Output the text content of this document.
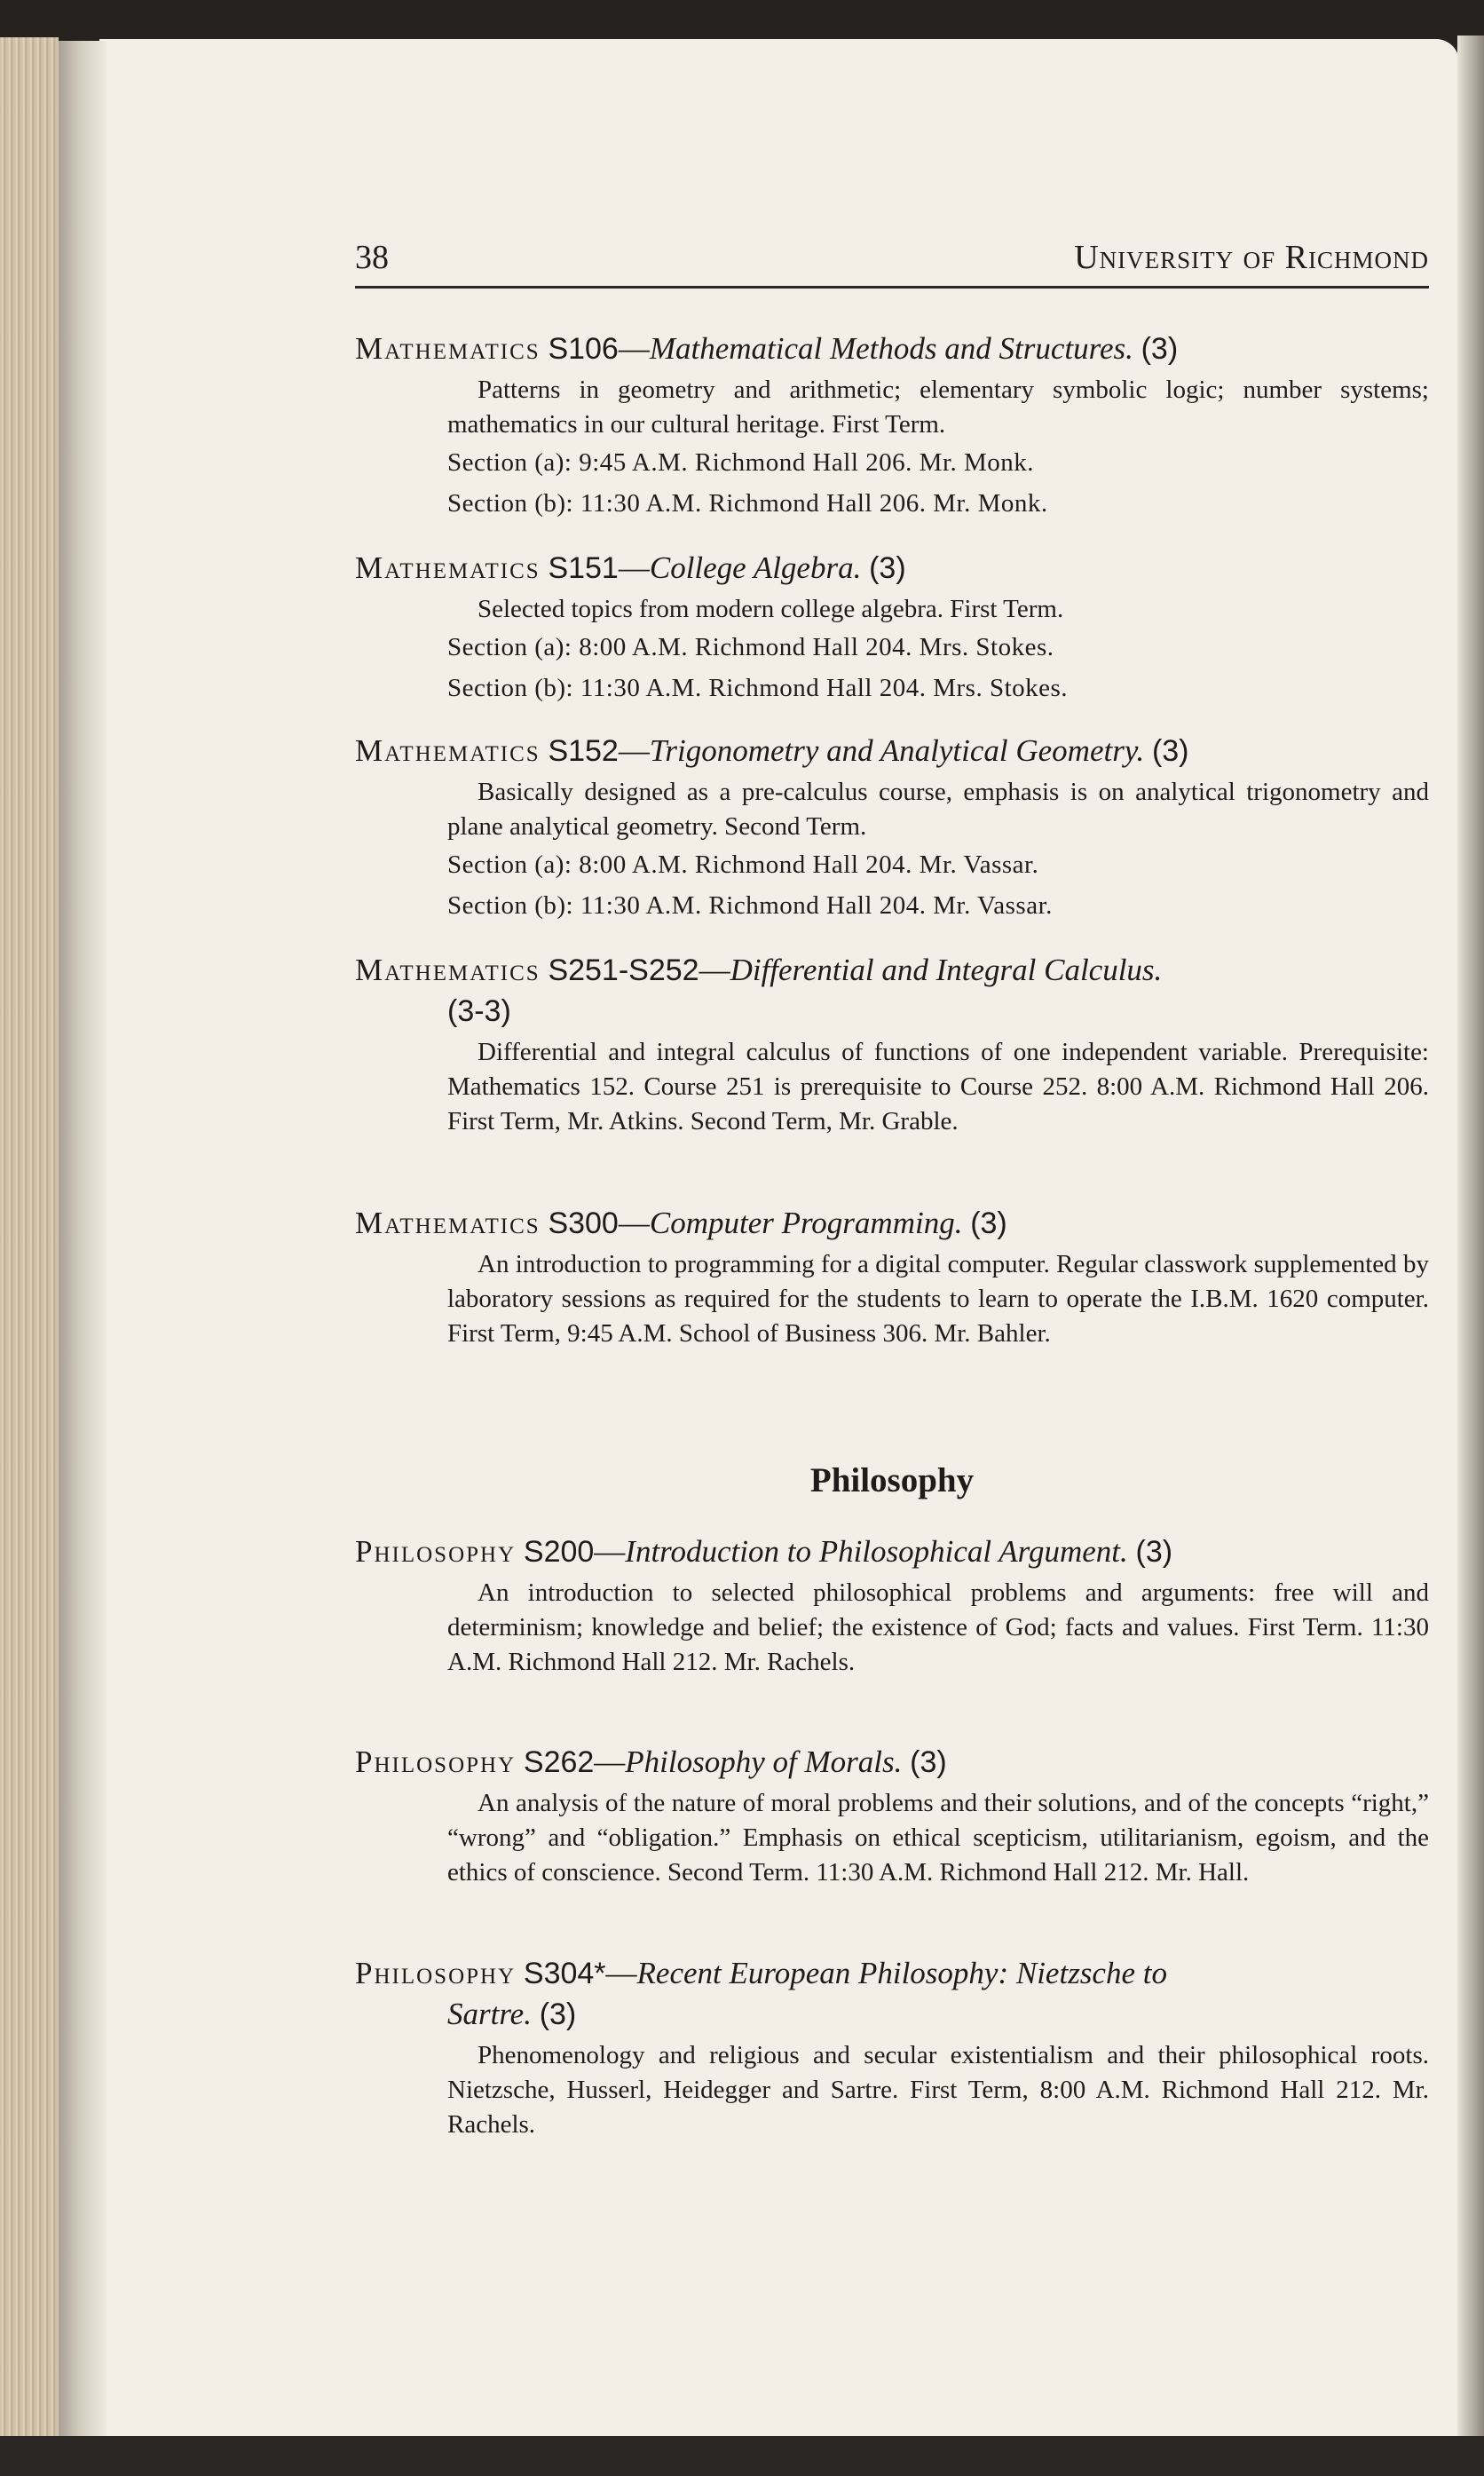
38	University of Richmond
Mathematics S106—Mathematical Methods and Structures. (3)
Patterns in geometry and arithmetic; elementary symbolic logic; number systems; mathematics in our cultural heritage. First Term.
Section (a): 9:45 A.M. Richmond Hall 206. Mr. Monk.
Section (b): 11:30 A.M. Richmond Hall 206. Mr. Monk.
Mathematics S151—College Algebra. (3)
Selected topics from modern college algebra. First Term.
Section (a): 8:00 A.M. Richmond Hall 204. Mrs. Stokes.
Section (b): 11:30 A.M. Richmond Hall 204. Mrs. Stokes.
Mathematics S152—Trigonometry and Analytical Geometry. (3)
Basically designed as a pre-calculus course, emphasis is on analytical trigonometry and plane analytical geometry. Second Term.
Section (a): 8:00 A.M. Richmond Hall 204. Mr. Vassar.
Section (b): 11:30 A.M. Richmond Hall 204. Mr. Vassar.
Mathematics S251-S252—Differential and Integral Calculus.
(3-3)
Differential and integral calculus of functions of one independent variable. Prerequisite: Mathematics 152. Course 251 is prerequisite to Course 252. 8:00 A.M. Richmond Hall 206. First Term, Mr. Atkins. Second Term, Mr. Grable.
Mathematics S300—Computer Programming. (3)
An introduction to programming for a digital computer. Regular classwork supplemented by laboratory sessions as required for the students to learn to operate the I.B.M. 1620 computer. First Term, 9:45 A.M. School of Business 306. Mr. Bahler.
Philosophy
Philosophy S200—Introduction to Philosophical Argument. (3)
An introduction to selected philosophical problems and arguments: free will and determinism; knowledge and belief; the existence of God; facts and values. First Term. 11:30 A.M. Richmond Hall 212. Mr. Rachels.
Philosophy S262—Philosophy of Morals. (3)
An analysis of the nature of moral problems and their solutions, and of the concepts “right,” “wrong” and “obligation.” Emphasis on ethical scepticism, utilitarianism, egoism, and the ethics of conscience. Second Term. 11:30 A.M. Richmond Hall 212. Mr. Hall.
Philosophy S304*—Recent European Philosophy: Nietzsche to
Sartre. (3)
Phenomenology and religious and secular existentialism and their philosophical roots. Nietzsche, Husserl, Heidegger and Sartre. First Term, 8:00 A.M. Richmond Hall 212. Mr. Rachels.
